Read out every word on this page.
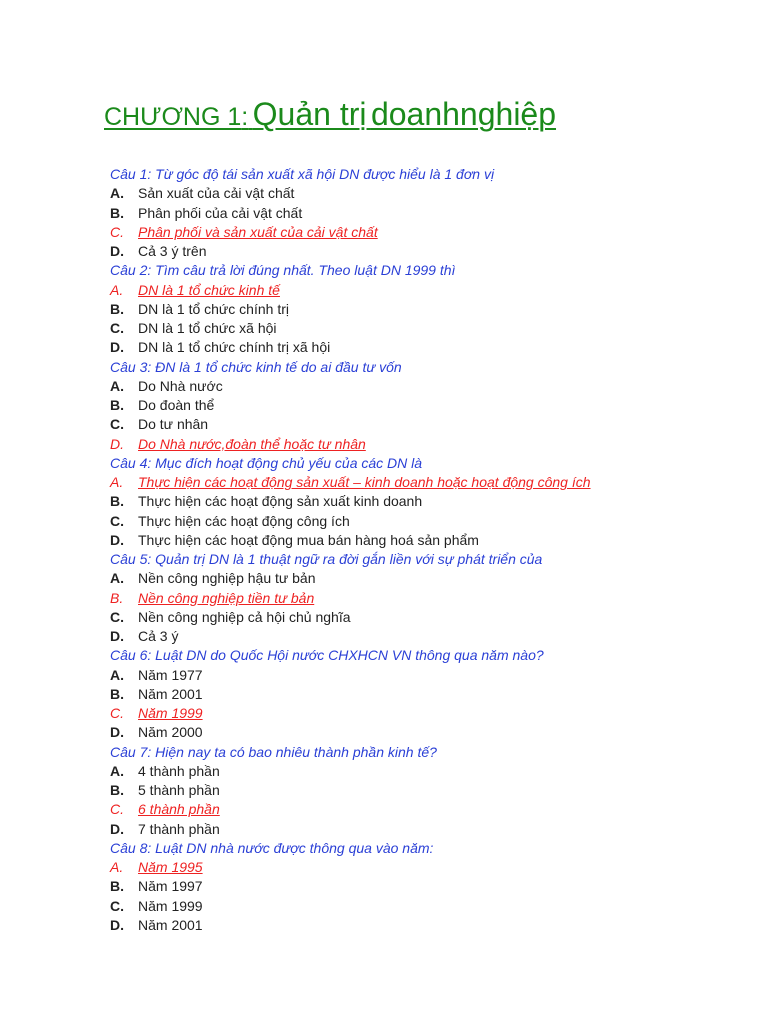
CHƯƠNG 1: Quản trị doanhnghiệp
Câu 1: Từ góc độ tái sản xuất xã hội DN được hiểu là 1 đơn vị
A. Sản xuất của cải vật chất
B. Phân phối của cải vật chất
C. Phân phối và sản xuất của cải vật chất
D. Cả 3 ý trên
Câu 2: Tìm câu trả lời đúng nhất. Theo luật DN 1999 thì
A. DN là 1 tổ chức kinh tế
B. DN là 1 tổ chức chính trị
C. DN là 1 tổ chức xã hội
D. DN là 1 tổ chức chính trị xã hội
Câu 3: ĐN là 1 tổ chức kinh tế do ai đầu tư vốn
A. Do Nhà nước
B. Do đoàn thể
C. Do tư nhân
D. Do Nhà nước,đoàn thể hoặc tư nhân
Câu 4: Mục đích hoạt động chủ yếu của các DN là
A. Thực hiện các hoạt động sản xuất – kinh doanh hoặc hoạt động công ích
B. Thực hiện các hoạt động sản xuất kinh doanh
C. Thực hiện các hoạt động công ích
D. Thực hiện các hoạt động mua bán hàng hoá sản phẩm
Câu 5: Quản trị DN là 1 thuật ngữ ra đời gắn liền với sự phát triển của
A. Nền công nghiệp hậu tư bản
B. Nền công nghiệp tiền tư bản
C. Nền công nghiệp cả hội chủ nghĩa
D. Cả 3 ý
Câu 6: Luật DN do Quốc Hội nước CHXHCN VN thông qua năm nào?
A. Năm 1977
B. Năm 2001
C. Năm 1999
D. Năm 2000
Câu 7: Hiện nay ta có bao nhiêu thành phần kinh tế?
A. 4 thành phần
B. 5 thành phần
C. 6 thành phần
D. 7 thành phần
Câu 8: Luật DN nhà nước được thông qua vào năm:
A. Năm 1995
B. Năm 1997
C. Năm 1999
D. Năm 2001
